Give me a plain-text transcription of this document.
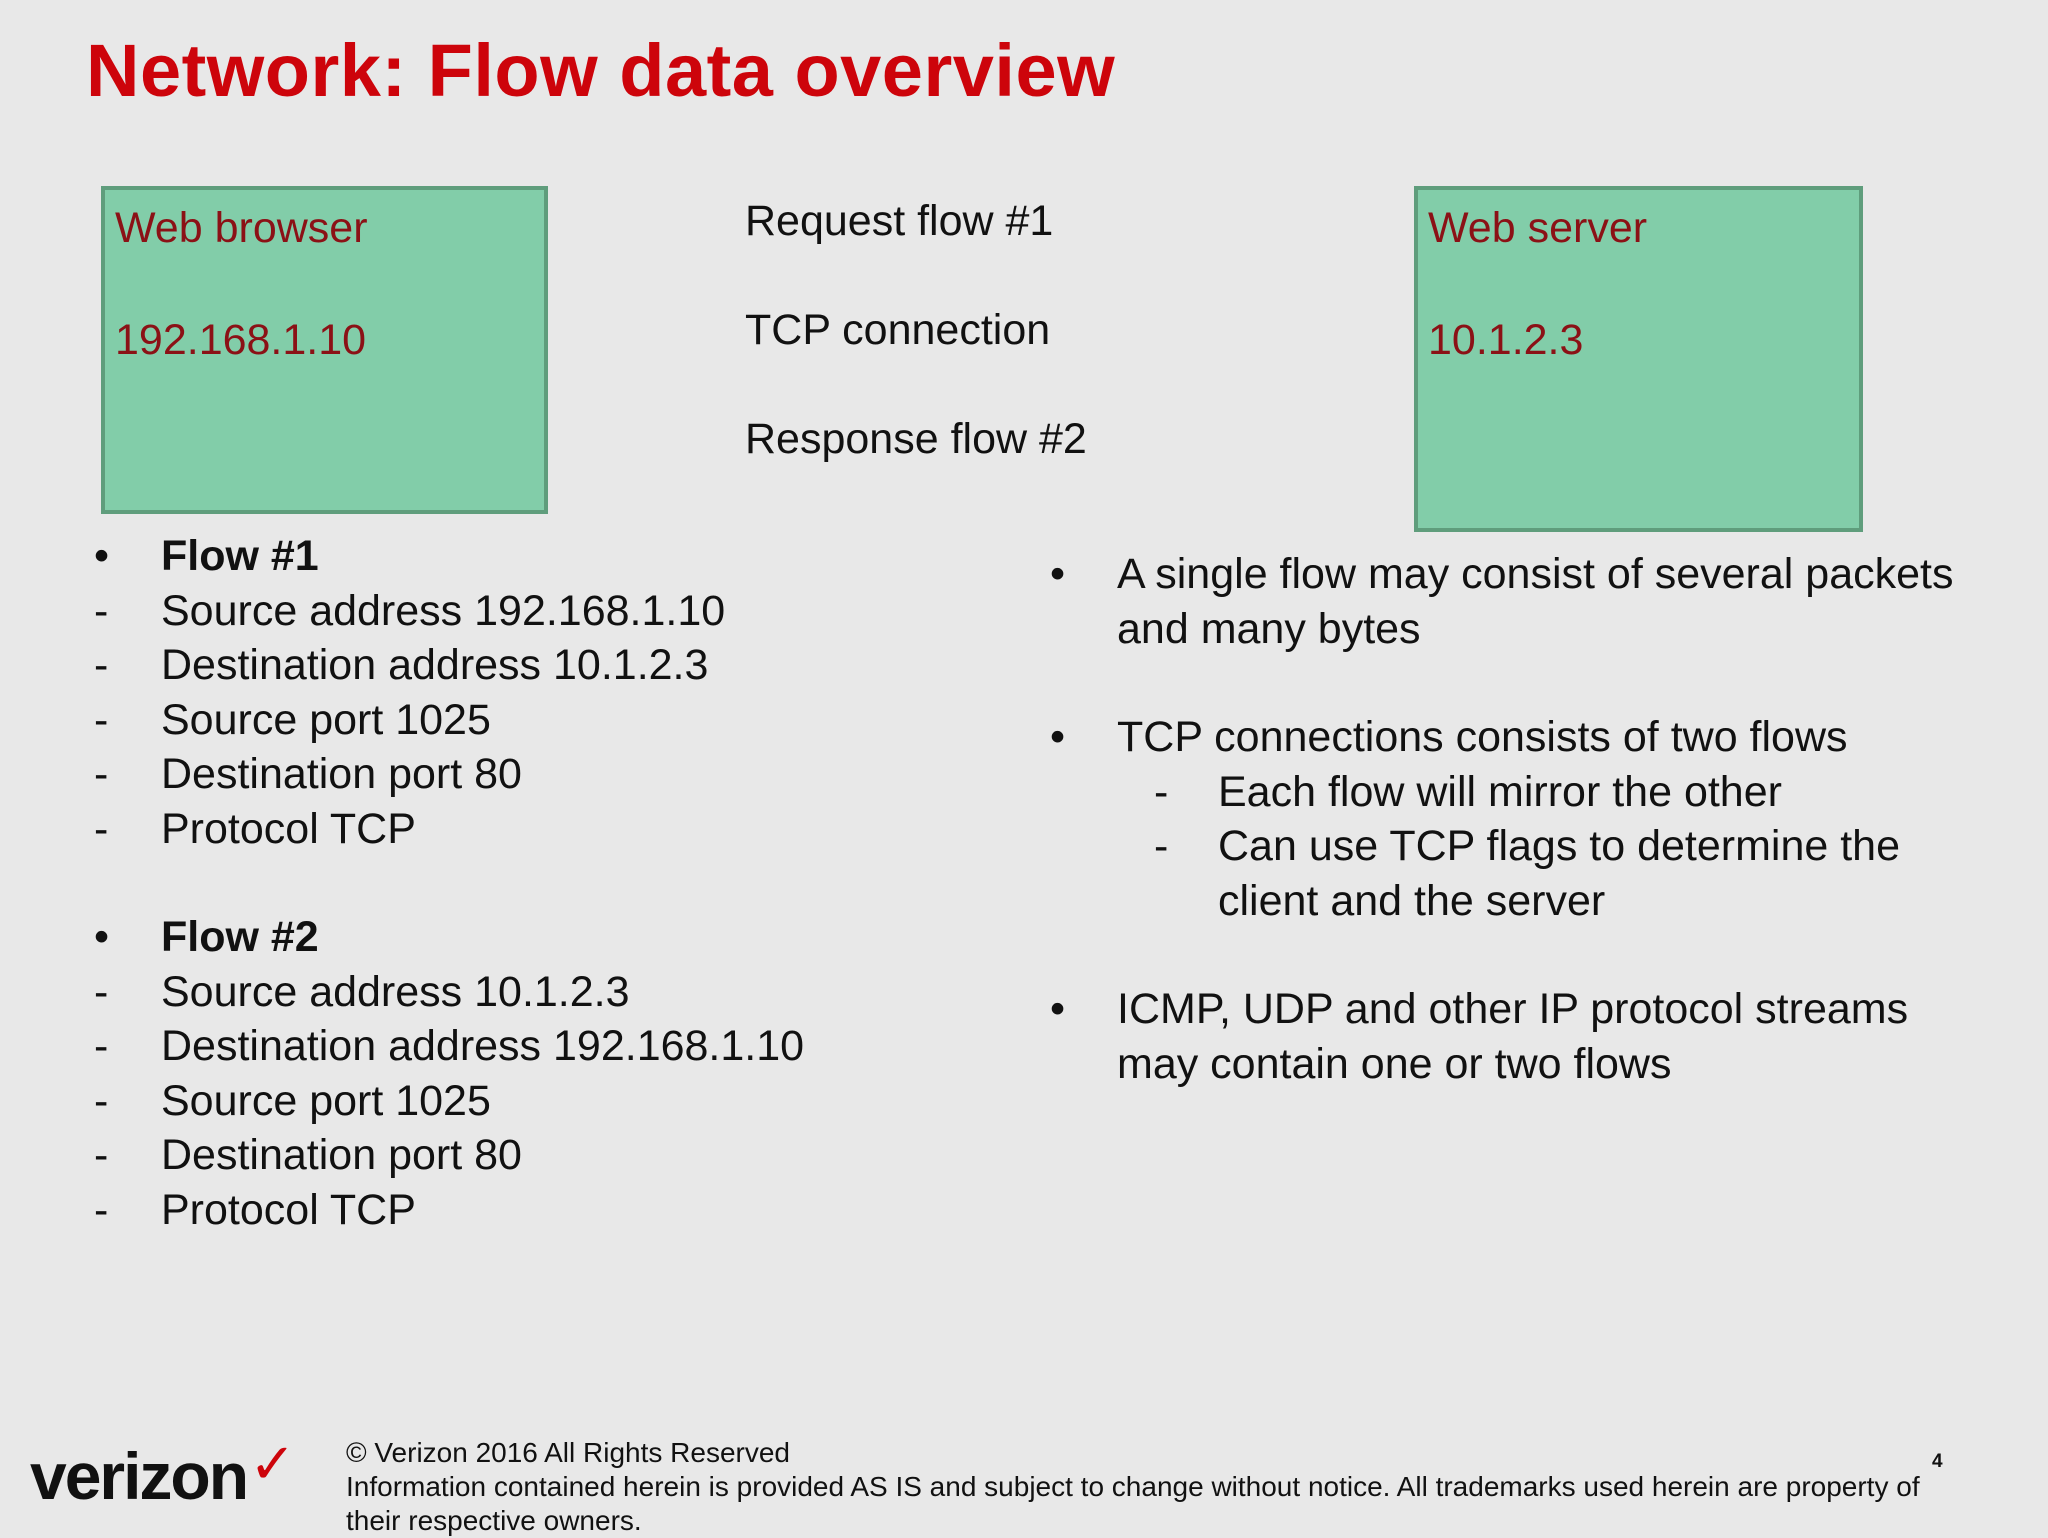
Network: Flow data overview
Web browser
192.168.1.10
Request flow #1
TCP connection
Response flow #2
Web server
10.1.2.3
• Flow #1
- Source address 192.168.1.10
- Destination address 10.1.2.3
- Source port 1025
- Destination port 80
- Protocol TCP
• Flow #2
- Source address 10.1.2.3
- Destination address 192.168.1.10
- Source port 1025
- Destination port 80
- Protocol TCP
• A single flow may consist of several packets
and many bytes
• TCP connections consists of two flows
- Each flow will mirror the other
- Can use TCP flags to determine the
client and the server
• ICMP, UDP and other IP protocol streams
may contain one or two flows
verizon✓ © Verizon 2016 All Rights Reserved
Information contained herein is provided AS IS and subject to change without notice. All trademarks used herein are property of
their respective owners.
4
